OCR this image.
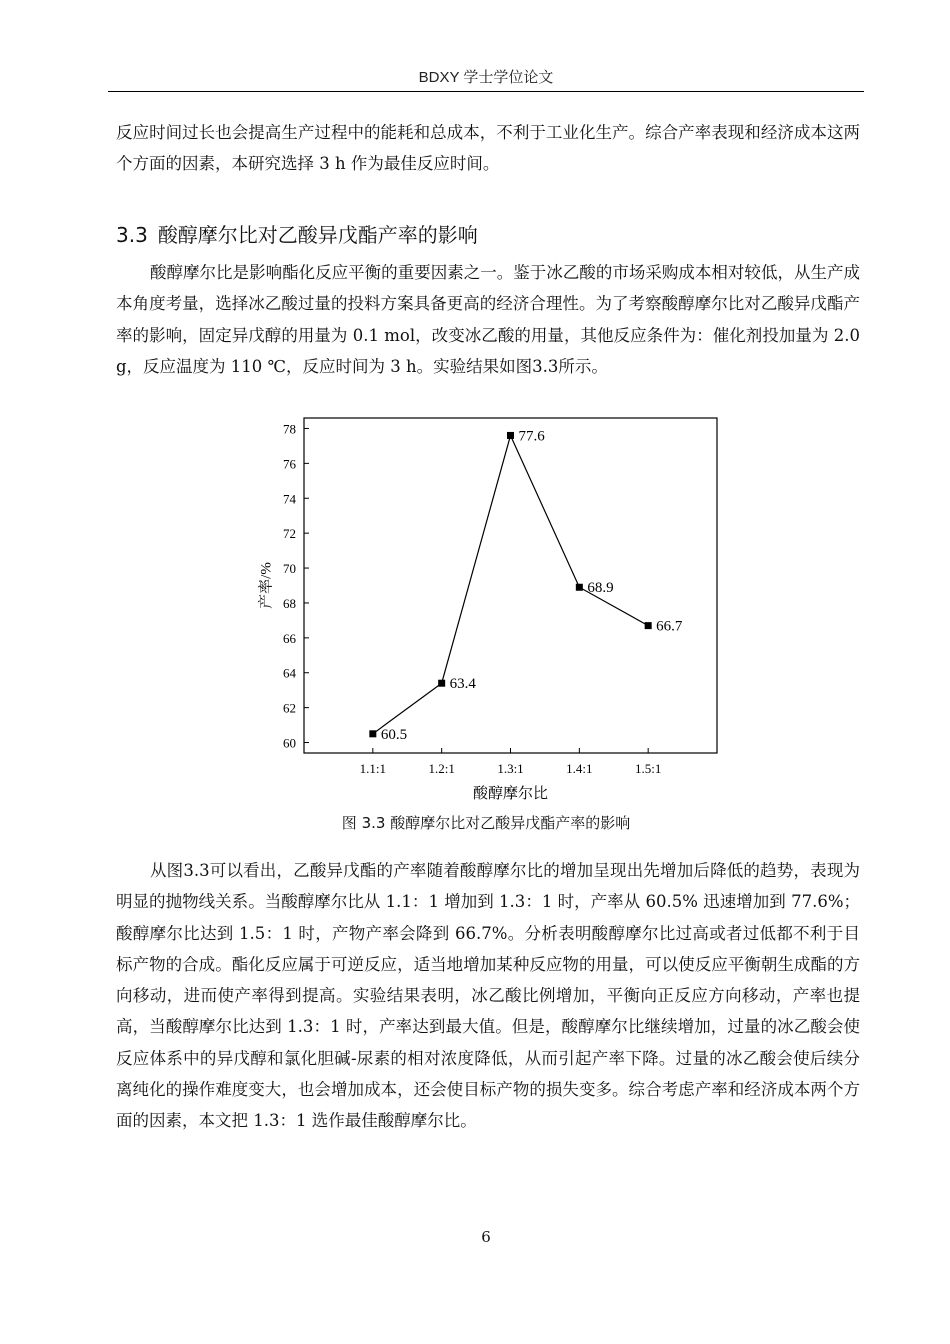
BDXY 学士学位论文

反应时间过长也会提高生产过程中的能耗和总成本，不利于工业化生产。综合产率表现和经济成本这两个方面的因素，本研究选择 3 h 作为最佳反应时间。

3.3 酸醇摩尔比对乙酸异戊酯产率的影响

酸醇摩尔比是影响酯化反应平衡的重要因素之一。鉴于冰乙酸的市场采购成本相对较低，从生产成本角度考量，选择冰乙酸过量的投料方案具备更高的经济合理性。为了考察酸醇摩尔比对乙酸异戊酯产率的影响，固定异戊醇的用量为 0.1 mol，改变冰乙酸的用量，其他反应条件为：催化剂投加量为 2.0 g，反应温度为 110 ℃，反应时间为 3 h。实验结果如图3.3所示。

60
62
64
66
68
70
72
74
76
78
1.1:1	1.2:1	1.3:1	1.4:1	1.5:1
60.5
63.4
77.6
68.9
66.7
产率/%
酸醇摩尔比
图 3.3 酸醇摩尔比对乙酸异戊酯产率的影响

从图3.3可以看出，乙酸异戊酯的产率随着酸醇摩尔比的增加呈现出先增加后降低的趋势，表现为明显的抛物线关系。当酸醇摩尔比从 1.1：1 增加到 1.3：1 时，产率从 60.5% 迅速增加到 77.6%；酸醇摩尔比达到 1.5：1 时，产物产率会降到 66.7%。分析表明酸醇摩尔比过高或者过低都不利于目标产物的合成。酯化反应属于可逆反应，适当地增加某种反应物的用量，可以使反应平衡朝生成酯的方向移动，进而使产率得到提高。实验结果表明，冰乙酸比例增加，平衡向正反应方向移动，产率也提高，当酸醇摩尔比达到 1.3：1 时，产率达到最大值。但是，酸醇摩尔比继续增加，过量的冰乙酸会使反应体系中的异戊醇和氯化胆碱-尿素的相对浓度降低，从而引起产率下降。过量的冰乙酸会使后续分离纯化的操作难度变大，也会增加成本，还会使目标产物的损失变多。综合考虑产率和经济成本两个方面的因素，本文把 1.3：1 选作最佳酸醇摩尔比。

6
